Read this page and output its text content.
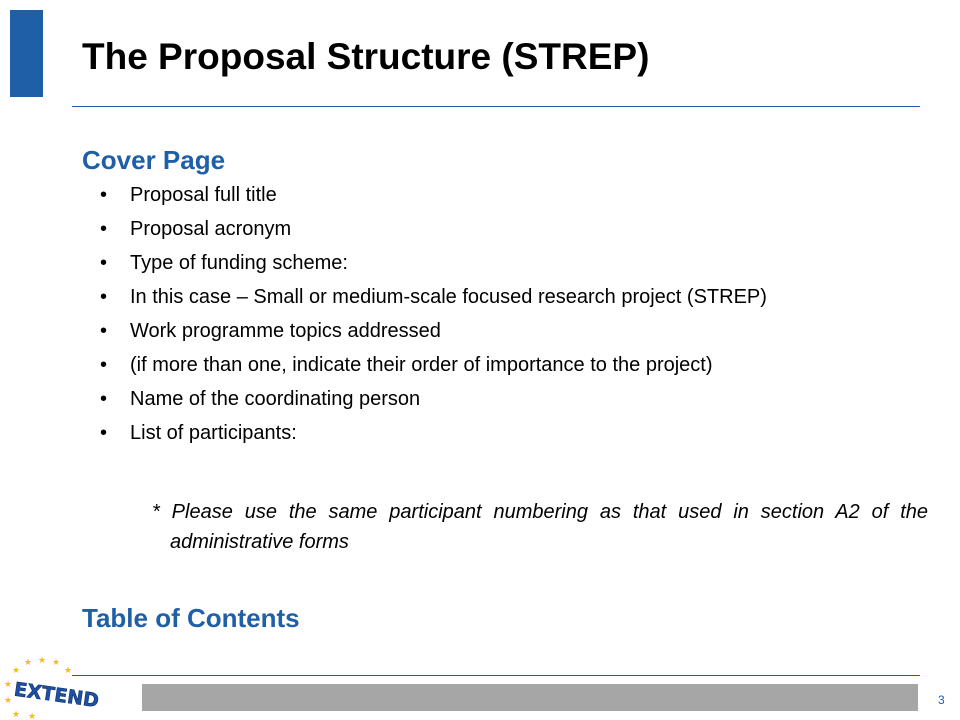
The Proposal Structure (STREP)
Cover Page
• Proposal full title
• Proposal acronym
• Type of funding scheme:
• In this case – Small or medium-scale focused research project (STREP)
• Work programme topics addressed
• (if more than one, indicate their order of importance to the project)
• Name of the coordinating person
• List of participants:

* Please use the same participant numbering as that used in section A2 of the administrative forms

Table of Contents
3
★ ★ ★
★	★
★
★
★ ★
EXTEND
